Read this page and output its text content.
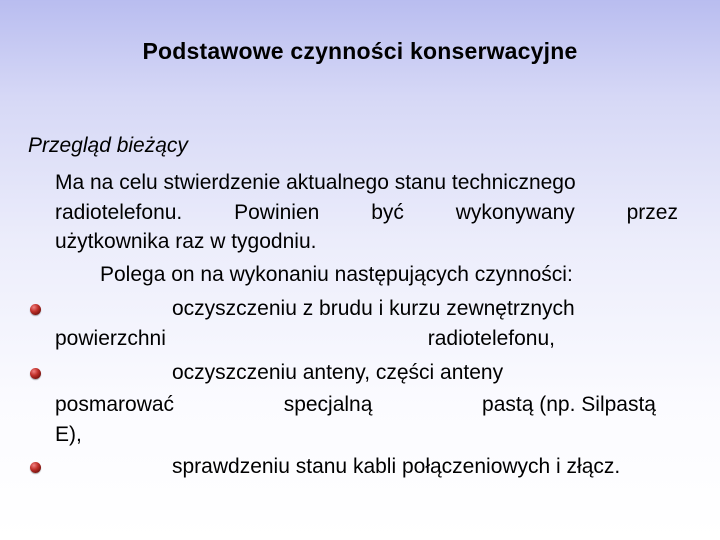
Podstawowe czynności konserwacyjne
Przegląd bieżący
Ma na celu stwierdzenie aktualnego stanu technicznego
radiotelefonu. Powinien być wykonywany przez
użytkownika raz w tygodniu.
Polega on na wykonaniu następujących czynności:
oczyszczeniu z brudu i kurzu zewnętrznych
powierzchni	radiotelefonu,
oczyszczeniu anteny, części anteny
posmarować	specjalną	pastą (np. Silpastą
E),
sprawdzeniu stanu kabli połączeniowych i złącz.
